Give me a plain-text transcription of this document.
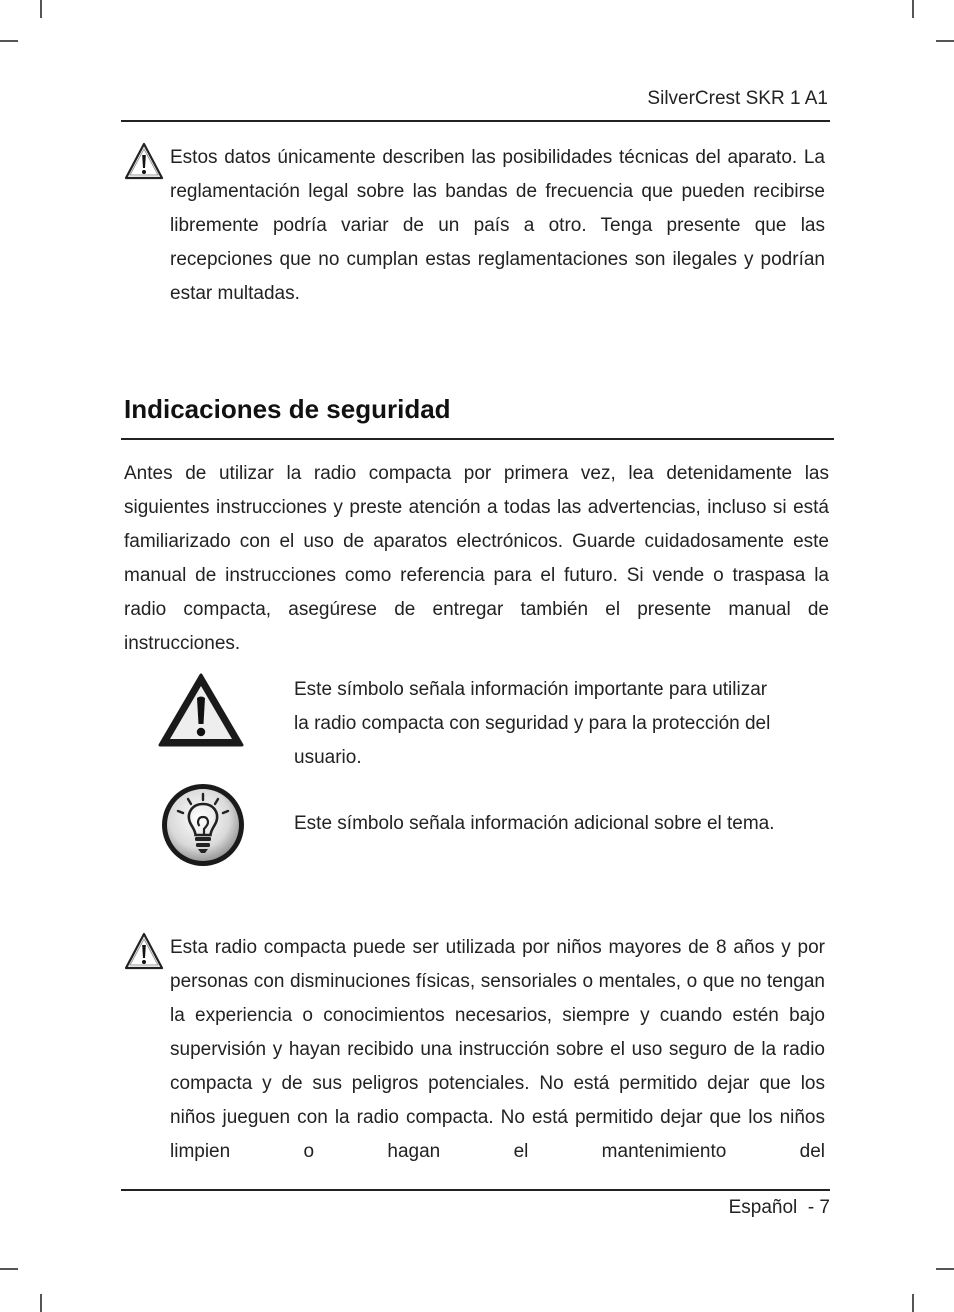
SilverCrest SKR 1 A1
Estos datos únicamente describen las posibilidades técnicas del aparato. La reglamentación legal sobre las bandas de frecuencia que pueden recibirse libremente podría variar de un país a otro. Tenga presente que las recepciones que no cumplan estas reglamentaciones son ilegales y podrían estar multadas.
Indicaciones de seguridad
Antes de utilizar la radio compacta por primera vez, lea detenidamente las siguientes instrucciones y preste atención a todas las advertencias, incluso si está familiarizado con el uso de aparatos electrónicos. Guarde cuidadosamente este manual de instrucciones como referencia para el futuro. Si vende o traspasa la radio compacta, asegúrese de entregar también el presente manual de instrucciones.
Este símbolo señala información importante para utilizar
la radio compacta con seguridad y para la protección del
usuario.
Este símbolo señala información adicional sobre el tema.
Esta radio compacta puede ser utilizada por niños mayores de 8 años y por personas con disminuciones físicas, sensoriales o mentales, o que no tengan la experiencia o conocimientos necesarios, siempre y cuando estén bajo supervisión y hayan recibido una instrucción sobre el uso seguro de la radio compacta y de sus peligros potenciales. No está permitido dejar que los niños jueguen con la radio compacta. No está permitido dejar que los niños limpien o hagan el mantenimiento del
Español  - 7
